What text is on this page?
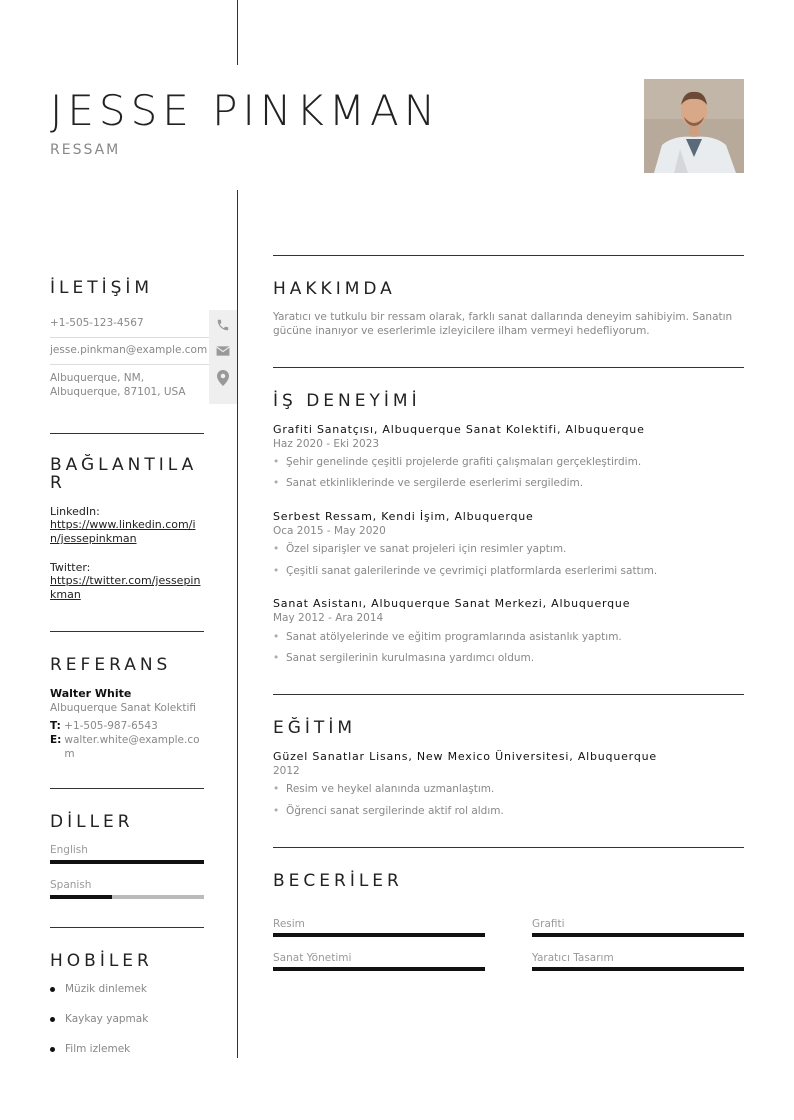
JESSE PINKMAN
RESSAM
İLETİŞİM
+1-505-123-4567
jesse.pinkman@example.com
Albuquerque, NM,
Albuquerque, 87101, USA
BAĞLANTILAR
LinkedIn:
https://www.linkedin.com/in/jessepinkman
Twitter:
https://twitter.com/jessepinkman
REFERANS
Walter White
Albuquerque Sanat Kolektifi
T: +1-505-987-6543
E: walter.white@example.com
DİLLER
English
Spanish
HOBİLER
Müzik dinlemek
Kaykay yapmak
Film izlemek
HAKKIMDA
Yaratıcı ve tutkulu bir ressam olarak, farklı sanat dallarında deneyim sahibiyim. Sanatın gücüne inanıyor ve eserlerimle izleyicilere ilham vermeyi hedefliyorum.
İŞ DENEYİMİ
Grafiti Sanatçısı, Albuquerque Sanat Kolektifi, Albuquerque
Haz 2020 - Eki 2023
• Şehir genelinde çeşitli projelerde grafiti çalışmaları gerçekleştirdim.
• Sanat etkinliklerinde ve sergilerde eserlerimi sergiledim.
Serbest Ressam, Kendi İşim, Albuquerque
Oca 2015 - May 2020
• Özel siparişler ve sanat projeleri için resimler yaptım.
• Çeşitli sanat galerilerinde ve çevrimiçi platformlarda eserlerimi sattım.
Sanat Asistanı, Albuquerque Sanat Merkezi, Albuquerque
May 2012 - Ara 2014
• Sanat atölyelerinde ve eğitim programlarında asistanlık yaptım.
• Sanat sergilerinin kurulmasına yardımcı oldum.
EĞİTİM
Güzel Sanatlar Lisans, New Mexico Üniversitesi, Albuquerque
2012
• Resim ve heykel alanında uzmanlaştım.
• Öğrenci sanat sergilerinde aktif rol aldım.
BECERİLER
Resim	Grafiti
Sanat Yönetimi	Yaratıcı Tasarım
